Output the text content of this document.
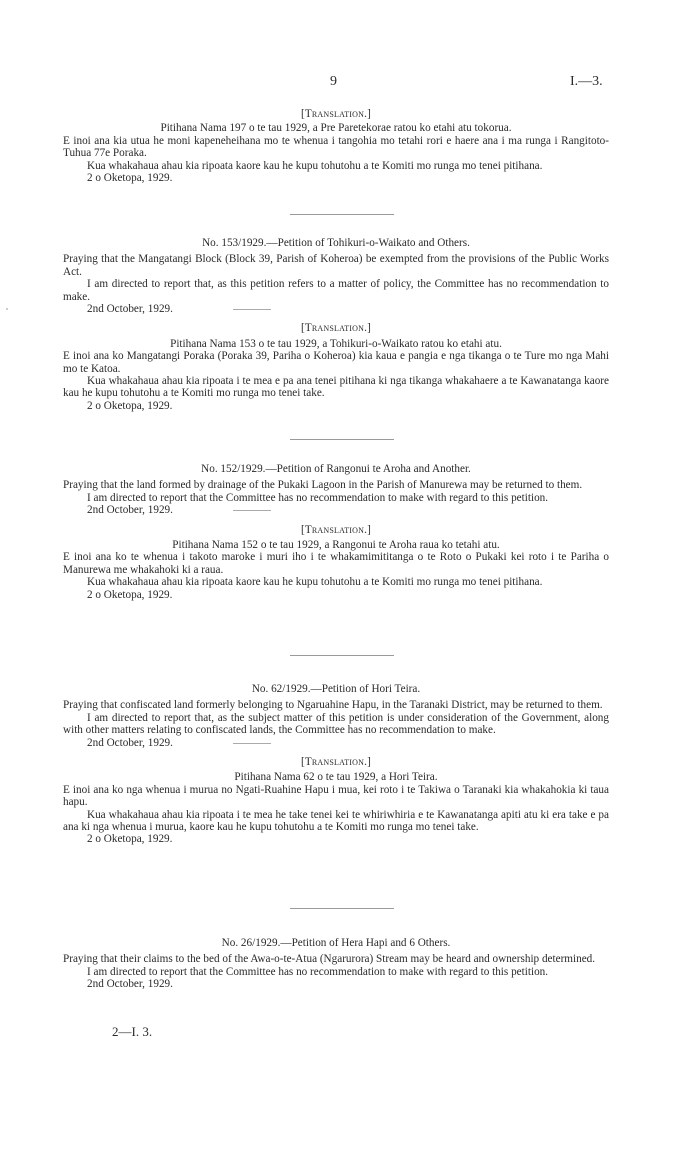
9	I.—3.

[Translation.]

Pitihana Nama 197 o te tau 1929, a Pre Paretekorae ratou ko etahi atu tokorua.

E inoi ana kia utua he moni kapeneheihana mo te whenua i tangohia mo tetahi rori e haere ana i ma runga i Rangitoto-Tuhua 77e Poraka.

Kua whakahaua ahau kia ripoata kaore kau he kupu tohutohu a te Komiti mo runga mo tenei pitihana.

2 o Oketopa, 1929.

No. 153/1929.—Petition of Tohikuri-o-Waikato and Others.

Praying that the Mangatangi Block (Block 39, Parish of Koheroa) be exempted from the provisions of the Public Works Act.

I am directed to report that, as this petition refers to a matter of policy, the Committee has no recommendation to make.

2nd October, 1929.

[Translation.]

Pitihana Nama 153 o te tau 1929, a Tohikuri-o-Waikato ratou ko etahi atu.

E inoi ana ko Mangatangi Poraka (Poraka 39, Pariha o Koheroa) kia kaua e pangia e nga tikanga o te Ture mo nga Mahi mo te Katoa.

Kua whakahaua ahau kia ripoata i te mea e pa ana tenei pitihana ki nga tikanga whakahaere a te Kawanatanga kaore kau he kupu tohutohu a te Komiti mo runga mo tenei take.

2 o Oketopa, 1929.

No. 152/1929.—Petition of Rangonui te Aroha and Another.

Praying that the land formed by drainage of the Pukaki Lagoon in the Parish of Manurewa may be returned to them.

I am directed to report that the Committee has no recommendation to make with regard to this petition.

2nd October, 1929.

[Translation.]

Pitihana Nama 152 o te tau 1929, a Rangonui te Aroha raua ko tetahi atu.

E inoi ana ko te whenua i takoto maroke i muri iho i te whakamimititanga o te Roto o Pukaki kei roto i te Pariha o Manurewa me whakahoki ki a raua.

Kua whakahaua ahau kia ripoata kaore kau he kupu tohutohu a te Komiti mo runga mo tenei pitihana.

2 o Oketopa, 1929.

No. 62/1929.—Petition of Hori Teira.

Praying that confiscated land formerly belonging to Ngaruahine Hapu, in the Taranaki District, may be returned to them.

I am directed to report that, as the subject matter of this petition is under consideration of the Government, along with other matters relating to confiscated lands, the Committee has no recommendation to make.

2nd October, 1929.

[Translation.]

Pitihana Nama 62 o te tau 1929, a Hori Teira.

E inoi ana ko nga whenua i murua no Ngati-Ruahine Hapu i mua, kei roto i te Takiwa o Taranaki kia whakahokia ki taua hapu.

Kua whakahaua ahau kia ripoata i te mea he take tenei kei te whiriwhiria e te Kawanatanga apiti atu ki era take e pa ana ki nga whenua i murua, kaore kau he kupu tohutohu a te Komiti mo runga mo tenei take.

2 o Oketopa, 1929.

No. 26/1929.—Petition of Hera Hapi and 6 Others.

Praying that their claims to the bed of the Awa-o-te-Atua (Ngarurora) Stream may be heard and ownership determined.

I am directed to report that the Committee has no recommendation to make with regard to this petition.

2nd October, 1929.

2—I. 3.
